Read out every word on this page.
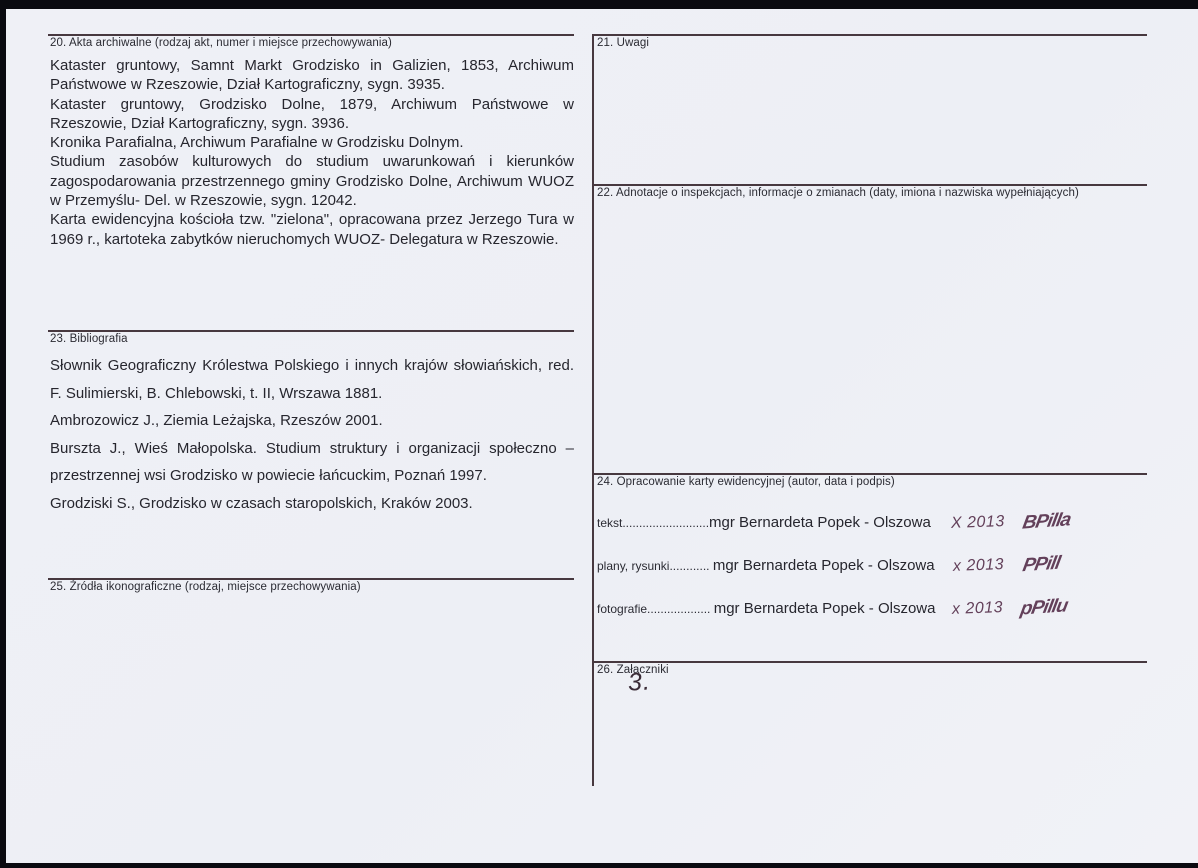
20. Akta archiwalne (rodzaj akt, numer i miejsce przechowywania)

Kataster gruntowy, Samnt Markt Grodzisko in Galizien, 1853, Archiwum Państwowe w Rzeszowie, Dział Kartograficzny, sygn. 3935.

Kataster gruntowy, Grodzisko Dolne, 1879, Archiwum Państwowe w Rzeszowie, Dział Kartograficzny, sygn. 3936.

Kronika Parafialna, Archiwum Parafialne w Grodzisku Dolnym.

Studium zasobów kulturowych do studium uwarunkowań i kierunków zagospodarowania przestrzennego gminy Grodzisko Dolne, Archiwum WUOZ w Przemyślu- Del. w Rzeszowie, sygn. 12042.

Karta ewidencyjna kościoła tzw. "zielona", opracowana przez Jerzego Tura w 1969 r., kartoteka zabytków nieruchomych WUOZ- Delegatura w Rzeszowie.

23. Bibliografia

Słownik Geograficzny Królestwa Polskiego i innych krajów słowiańskich, red. F. Sulimierski, B. Chlebowski, t. II, Wrszawa 1881.

Ambrozowicz J., Ziemia Leżajska, Rzeszów 2001.

Burszta J., Wieś Małopolska. Studium struktury i organizacji społeczno – przestrzennej wsi Grodzisko w powiecie łańcuckim, Poznań 1997.

Grodziski S., Grodzisko w czasach staropolskich, Kraków 2003.

25. Źródła ikonograficzne (rodzaj, miejsce przechowywania)
21. Uwagi
22. Adnotacje o inspekcjach, informacje o zmianach (daty, imiona i nazwiska wypełniających)
24. Opracowanie karty ewidencyjnej (autor, data i podpis)
tekst..........................mgr Bernardeta Popek - Olszowa X 2013 BPilla
plany, rysunki............ mgr Bernardeta Popek - Olszowa x 2013 PPill
fotografie................... mgr Bernardeta Popek - Olszowa x 2013 pPillu
26. Załączniki
3.
